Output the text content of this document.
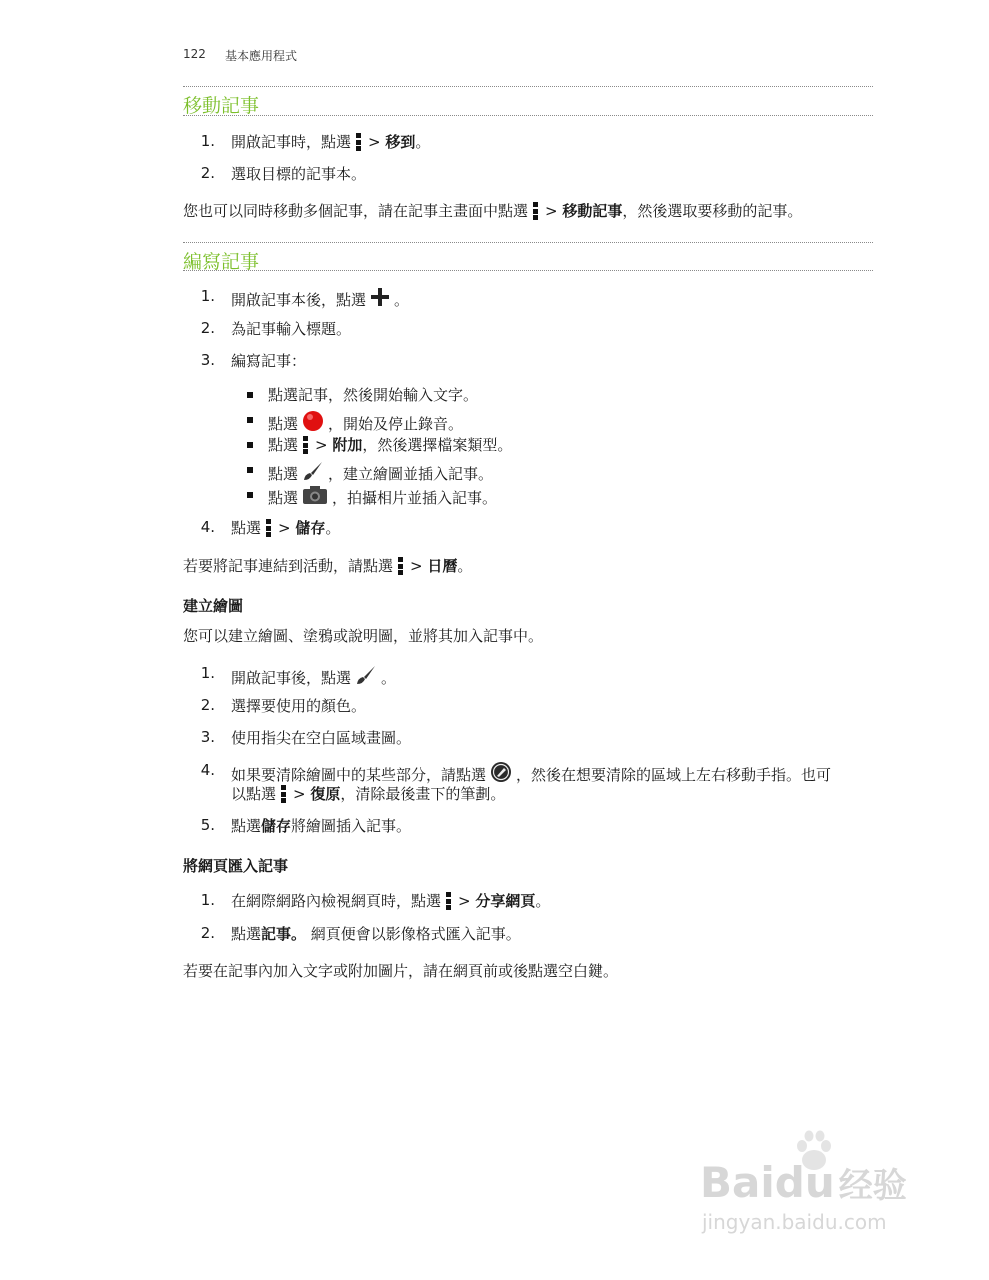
122 基本應用程式
移動記事
1. 開啟記事時，點選 >
移到 。
2. 選取目標的記事本。
您也可以同時移動多個記事，請在記事主畫面中點選 >
移動記事 ，然後選取要移動的記事。
編寫記事
1. 開啟記事本後，點選 。
2. 為記事輸入標題。
3. 編寫記事：
點選記事，然後開始輸入文字。
點選 ，開始及停止錄音。
點選 >
附加 ，然後選擇檔案類型。
點選 ，建立繪圖並插入記事。
點選 ，拍攝相片並插入記事。
4. 點選 >
儲存 。
若要將記事連結到活動，請點選 >
日曆 。
建立繪圖
您可以建立繪圖、塗鴉或說明圖，並將其加入記事中。
1. 開啟記事後，點選 。
2. 選擇要使用的顏色。
3. 使用指尖在空白區域畫圖。
4. 如果要清除繪圖中的某些部分，請點選 ，然後在想要清除的區域上左右移動手指。也可
以點選 >
復原 ，清除最後畫下的筆劃。
5. 點選 儲存 將繪圖插入記事。
將網頁匯入記事
1. 在網際網路內檢視網頁時，點選 >
分享網頁 。
2. 點選 記事。 網頁便會以影像格式匯入記事。
若要在記事內加入文字或附加圖片，請在網頁前或後點選空白鍵。
Baidu 经验
jingyan.baidu.com
